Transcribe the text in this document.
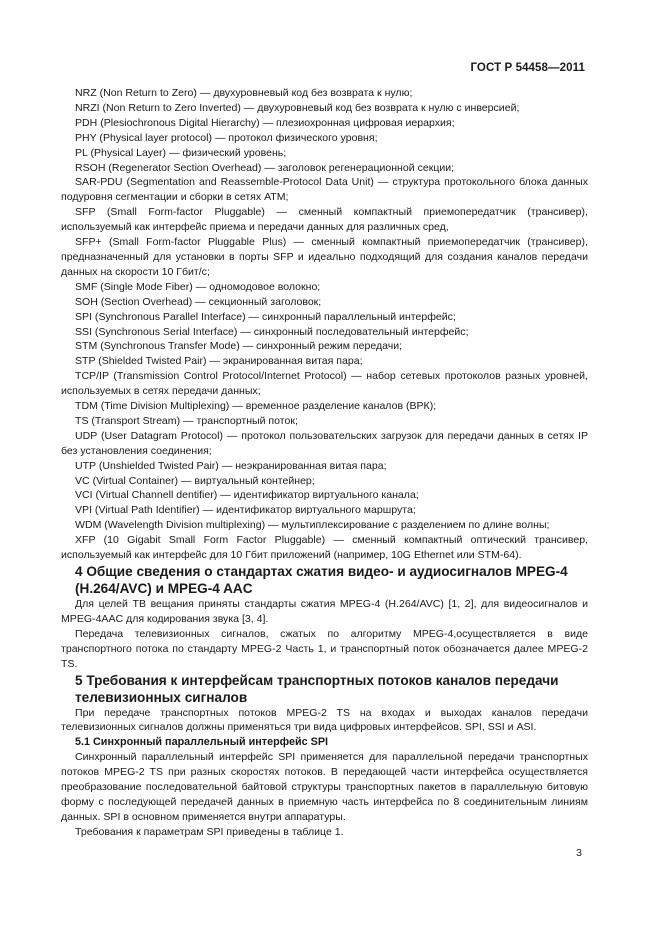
ГОСТ Р 54458—2011

NRZ (Non Return to Zero) — двухуровневый код без возврата к нулю;

NRZI (Non Return to Zero Inverted) — двухуровневый код без возврата к нулю с инверсией;

PDH (Plesiochronous Digital Hierarchy) — плезиохронная цифровая иерархия;

PHY (Physical layer protocol) — протокол физического уровня;

PL (Physical Layer) — физический уровень;

RSOH (Regenerator Section Overhead) — заголовок регенерационной секции;

SAR-PDU (Segmentation and Reassemble-Protocol Data Unit) — структура протокольного блока данных подуровня сегментации и сборки в сетях АТМ;

SFP (Small Form-factor Pluggable) — сменный компактный приемопередатчик (трансивер), используемый как интерфейс приема и передачи данных для различных сред,

SFP+ (Small Form-factor Pluggable Plus) — сменный компактный приемопередатчик (трансивер), предназначенный для установки в порты SFP и идеально подходящий для создания каналов передачи данных на скорости 10 Гбит/с;

SMF (Single Mode Fiber) — одномодовое волокно;

SOH (Section Overhead) — секционный заголовок;

SPI (Synchronous Parallel Interface) — синхронный параллельный интерфейс;

SSI (Synchronous Serial Interface) — синхронный последовательный интерфейс;

STM (Synchronous Transfer Mode) — синхронный режим передачи;

STP (Shielded Twisted Pair) — экранированная витая пара;

TCP/IP (Transmission Control Protocol/Internet Protocol) — набор сетевых протоколов разных уровней, используемых в сетях передачи данных;

TDM (Time Division Multiplexing) — временное разделение каналов (ВРК);

TS (Transport Stream) — транспортный поток;

UDP (User Datagram Protocol) — протокол пользовательских загрузок для передачи данных в сетях IP без установления соединения;

UTP (Unshielded Twisted Pair) — неэкранированная витая пара;

VC (Virtual Container) — виртуальный контейнер;

VCI (Virtual Channell dentifier) — идентификатор виртуального канала;

VPI (Virtual Path Identifier) — идентификатор виртуального маршрута;

WDM (Wavelength Division multiplexing) — мультиплексирование с разделением по длине волны;

XFP (10 Gigabit Small Form Factor Pluggable) — сменный компактный оптический трансивер, используемый как интерфейс для 10 Гбит приложений (например, 10G Ethernet или STM-64).

4 Общие сведения о стандартах сжатия видео- и аудиосигналов MPEG-4 (H.264/AVC) и MPEG-4 AAC

Для целей ТВ вещания приняты стандарты сжатия MPEG-4 (H.264/AVC) [1, 2], для видеосигналов и MPEG-4AAC для кодирования звука [3, 4].

Передача телевизионных сигналов, сжатых по алгоритму MPEG-4,осуществляется в виде транспортного потока по стандарту MPEG-2 Часть 1, и транспортный поток обозначается далее MPEG-2 TS.

5 Требования к интерфейсам транспортных потоков каналов передачи телевизионных сигналов

При передаче транспортных потоков MPEG-2 TS на входах и выходах каналов передачи телевизионных сигналов должны применяться три вида цифровых интерфейсов. SPI, SSI и ASI.

5.1 Синхронный параллельный интерфейс SPI

Синхронный параллельный интерфейс SPI применяется для параллельной передачи транспортных потоков MPEG-2 TS при разных скоростях потоков. В передающей части интерфейса осуществляется преобразование последовательной байтовой структуры транспортных пакетов в параллельную битовую форму с последующей передачей данных в приемную часть интерфейса по 8 соединительным линиям данных. SPI в основном применяется внутри аппаратуры.

Требования к параметрам SPI приведены в таблице 1.

3
